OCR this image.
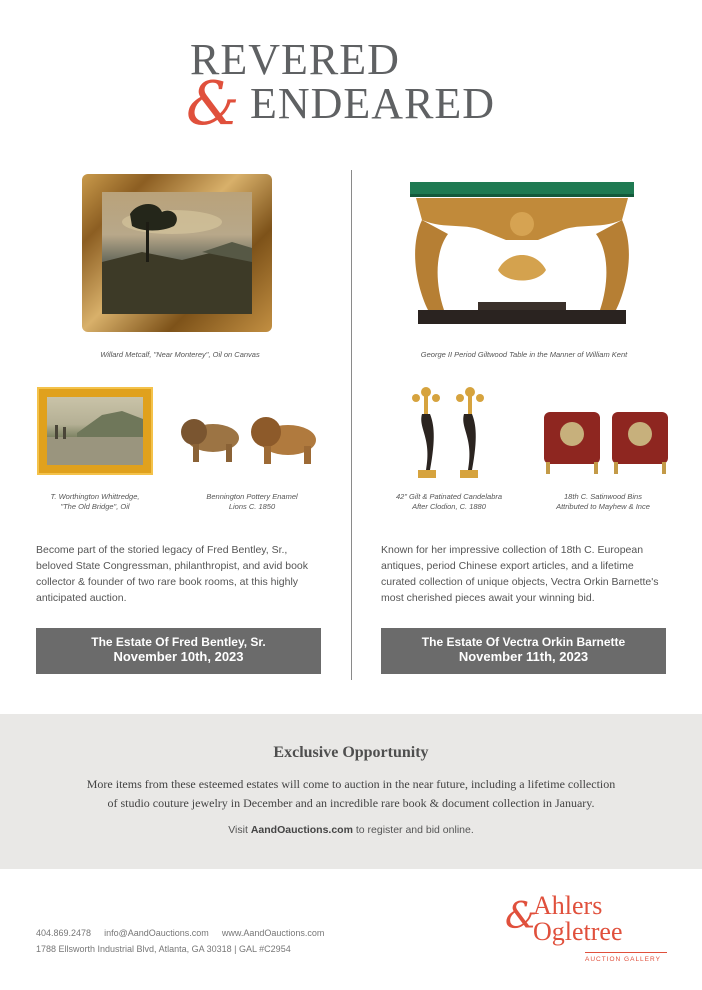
REVERED
& ENDEARED
Willard Metcalf, "Near Monterey", Oil on Canvas
T. Worthington Whittredge,
"The Old Bridge", Oil
Bennington Pottery Enamel
Lions C. 1850
Become part of the storied legacy of Fred Bentley, Sr.,
beloved State Congressman, philanthropist, and avid book
collector & founder of two rare book rooms, at this highly
anticipated auction.
The Estate Of Fred Bentley, Sr.
November 10th, 2023
George II Period Giltwood Table in the Manner of William Kent
42" Gilt & Patinated Candelabra
After Clodion, C. 1880
18th C. Satinwood Bins
Attributed to Mayhew & Ince
Known for her impressive collection of 18th C. European
antiques, period Chinese export articles, and a lifetime
curated collection of unique objects, Vectra Orkin Barnette's
most cherished pieces await your winning bid.
The Estate Of Vectra Orkin Barnette
November 11th, 2023
Exclusive Opportunity
More items from these esteemed estates will come to auction in the near future, including a lifetime collection
of studio couture jewelry in December and an incredible rare book & document collection in January.
Visit AandOauctions.com to register and bid online.
404.869.2478 info@AandOauctions.com www.AandOauctions.com
1788 Ellsworth Industrial Blvd, Atlanta, GA 30318 | GAL #C2954
&
Ahlers
Ogletree
AUCTION GALLERY
